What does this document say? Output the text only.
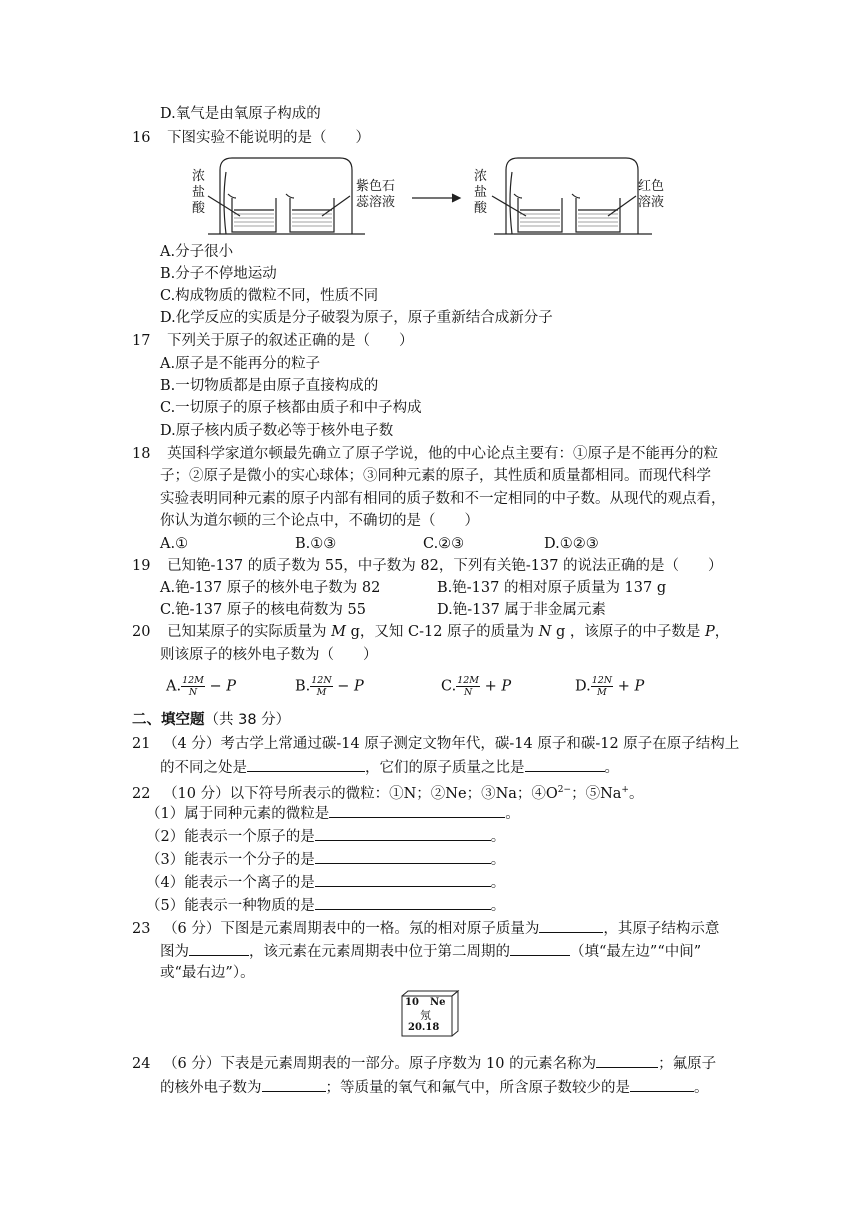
D.氧气是由氧原子构成的
16 下图实验不能说明的是（　　）
浓
盐
酸
紫色石
蕊溶液
浓
盐
酸
红色
溶液
A.分子很小
B.分子不停地运动
C.构成物质的微粒不同，性质不同
D.化学反应的实质是分子破裂为原子，原子重新结合成新分子
17 下列关于原子的叙述正确的是（　　）
A.原子是不能再分的粒子
B.一切物质都是由原子直接构成的
C.一切原子的原子核都由质子和中子构成
D.原子核内质子数必等于核外电子数
18 英国科学家道尔顿最先确立了原子学说，他的中心论点主要有：①原子是不能再分的粒
子；②原子是微小的实心球体；③同种元素的原子，其性质和质量都相同。而现代科学
实验表明同种元素的原子内部有相同的质子数和不一定相同的中子数。从现代的观点看，
你认为道尔顿的三个论点中，不确切的是（　　）
A.①	B.①③	C.②③	D.①②③
19 已知铯-137 的质子数为 55，中子数为 82，下列有关铯-137 的说法正确的是（　　）
A.铯-137 原子的核外电子数为 82	B.铯-137 的相对原子质量为 137 g
C.铯-137 原子的核电荷数为 55	D.铯-137 属于非金属元素
20 已知某原子的实际质量为 M g，又知 C-12 原子的质量为 N g ，该原子的中子数是 P，
则该原子的核外电子数为（　　）
A. $\frac{12M}{N} - P$	B. $\frac{12N}{M} - P$	C. $\frac{12M}{N} + P$	D. $\frac{12N}{M} + P$
二、填空题（共 38 分）
21 （4 分）考古学上常通过碳-14 原子测定文物年代，碳-14 原子和碳-12 原子在原子结构上
的不同之处是	，它们的原子质量之比是	。
22 （10 分）以下符号所表示的微粒：①N；②Ne；③Na；$④O^{2-}$；⑤Na+。
（1）属于同种元素的微粒是	。
（2）能表示一个原子的是	。
（3）能表示一个分子的是	。
（4）能表示一个离子的是	。
（5）能表示一种物质的是	。
23 （6 分）下图是元素周期表中的一格。氖的相对原子质量为	，其原子结构示意
图为	，该元素在元素周期表中位于第二周期的	（填“最左边”“中间”
或“最右边”）。
10 Ne
氖
20.18
24 （6 分）下表是元素周期表的一部分。原子序数为 10 的元素名称为	；氟原子
的核外电子数为	；等质量的氧气和氟气中，所含原子数较少的是	。
